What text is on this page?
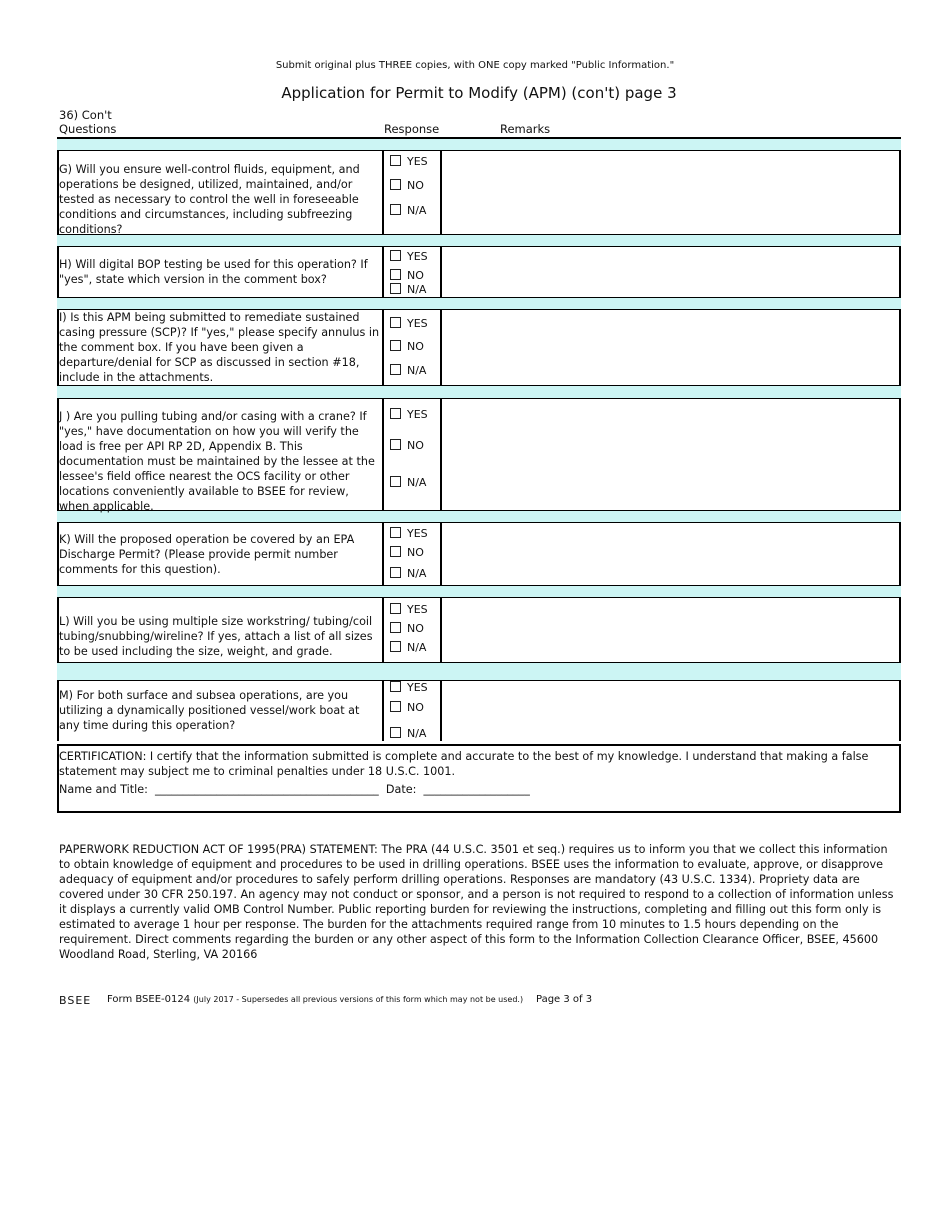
Submit original plus THREE copies, with ONE copy marked "Public Information."
Application for Permit to Modify (APM) (con't) page 3
36) Con't
Questions	Response	Remarks
G) Will you ensure well-control fluids, equipment, and operations be designed, utilized, maintained, and/or tested as necessary to control the well in foreseeable conditions and circumstances, including subfreezing conditions?
YES
NO
N/A
H) Will digital BOP testing be used for this operation? If "yes", state which version in the comment box?
YES
NO
N/A
I) Is this APM being submitted to remediate sustained casing pressure (SCP)? If "yes," please specify annulus in the comment box. If you have been given a departure/denial for SCP as discussed in section #18, include in the attachments.
YES
NO
N/A
J ) Are you pulling tubing and/or casing with a crane? If "yes," have documentation on how you will verify the load is free per API RP 2D, Appendix B. This documentation must be maintained by the lessee at the lessee's field office nearest the OCS facility or other locations conveniently available to BSEE for review, when applicable.
YES
NO
N/A
K) Will the proposed operation be covered by an EPA Discharge Permit? (Please provide permit number comments for this question).
YES
NO
N/A
L) Will you be using multiple size workstring/ tubing/coil tubing/snubbing/wireline? If yes, attach a list of all sizes to be used including the size, weight, and grade.
YES
NO
N/A
M) For both surface and subsea operations, are you utilizing a dynamically positioned vessel/work boat at any time during this operation?
YES
NO
N/A
CERTIFICATION: I certify that the information submitted is complete and accurate to the best of my knowledge. I understand that making a false statement may subject me to criminal penalties under 18 U.S.C. 1001.
Name and Title:  ________________________________________  Date:  ___________________
PAPERWORK REDUCTION ACT OF 1995(PRA) STATEMENT: The PRA (44 U.S.C. 3501 et seq.) requires us to inform you that we collect this information to obtain knowledge of equipment and procedures to be used in drilling operations. BSEE uses the information to evaluate, approve, or disapprove adequacy of equipment and/or procedures to safely perform drilling operations. Responses are mandatory (43 U.S.C. 1334). Propriety data are covered under 30 CFR 250.197. An agency may not conduct or sponsor, and a person is not required to respond to a collection of information unless it displays a currently valid OMB Control Number. Public reporting burden for reviewing the instructions, completing and filling out this form only is estimated to average 1 hour per response. The burden for the attachments required range from 10 minutes to 1.5 hours depending on the requirement. Direct comments regarding the burden or any other aspect of this form to the Information Collection Clearance Officer, BSEE, 45600 Woodland Road, Sterling, VA 20166
BSEE Form BSEE-0124 (July 2017 - Supersedes all previous versions of this form which may not be used.) Page 3 of 3
